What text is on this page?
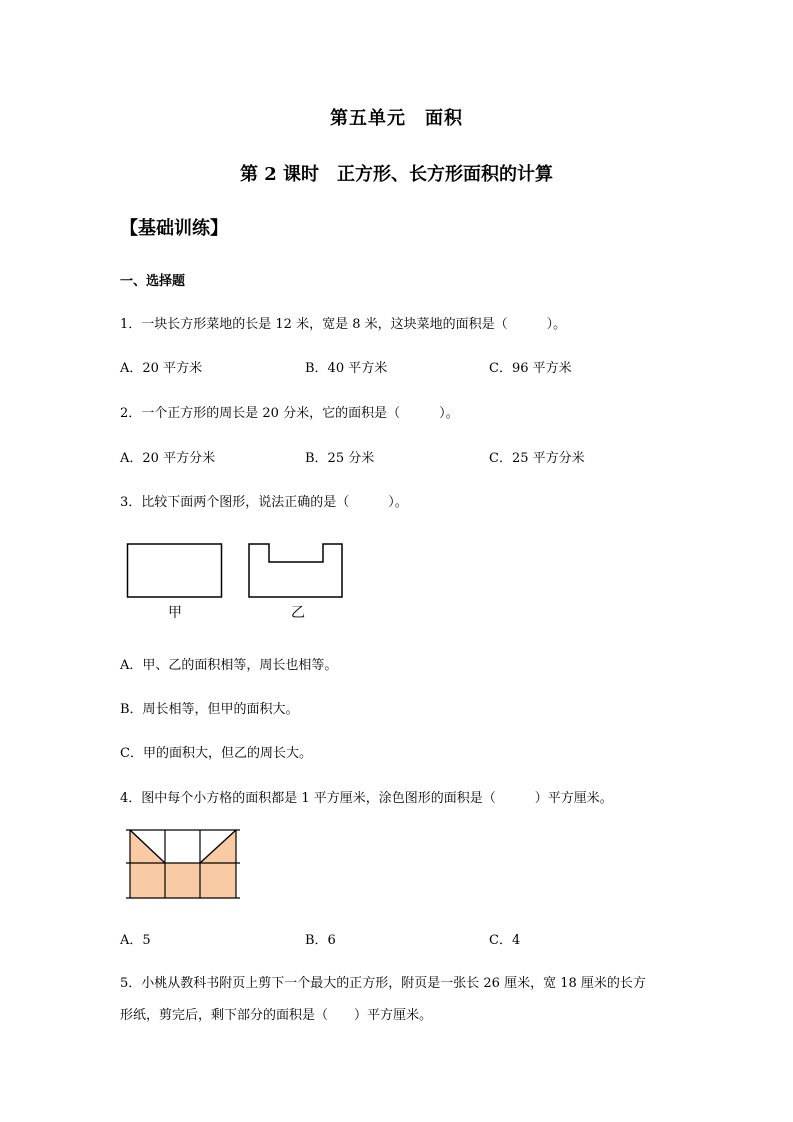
第五单元　面积
第 2 课时　正方形、长方形面积的计算
【基础训练】
一、选择题
1．一块长方形菜地的长是 12 米，宽是 8 米，这块菜地的面积是（　　　）。
A．20 平方米	B．40 平方米	C．96 平方米
2．一个正方形的周长是 20 分米，它的面积是（　　　）。
A．20 平方分米	B．25 分米	C．25 平方分米
3．比较下面两个图形，说法正确的是（　　　）。
甲	乙
A．甲、乙的面积相等，周长也相等。
B．周长相等，但甲的面积大。
C．甲的面积大，但乙的周长大。
4．图中每个小方格的面积都是 1 平方厘米，涂色图形的面积是（　　　）平方厘米。
A．5	B．6	C．4
5．小桃从教科书附页上剪下一个最大的正方形，附页是一张长 26 厘米，宽 18 厘米的长方
形纸，剪完后，剩下部分的面积是（　　）平方厘米。
